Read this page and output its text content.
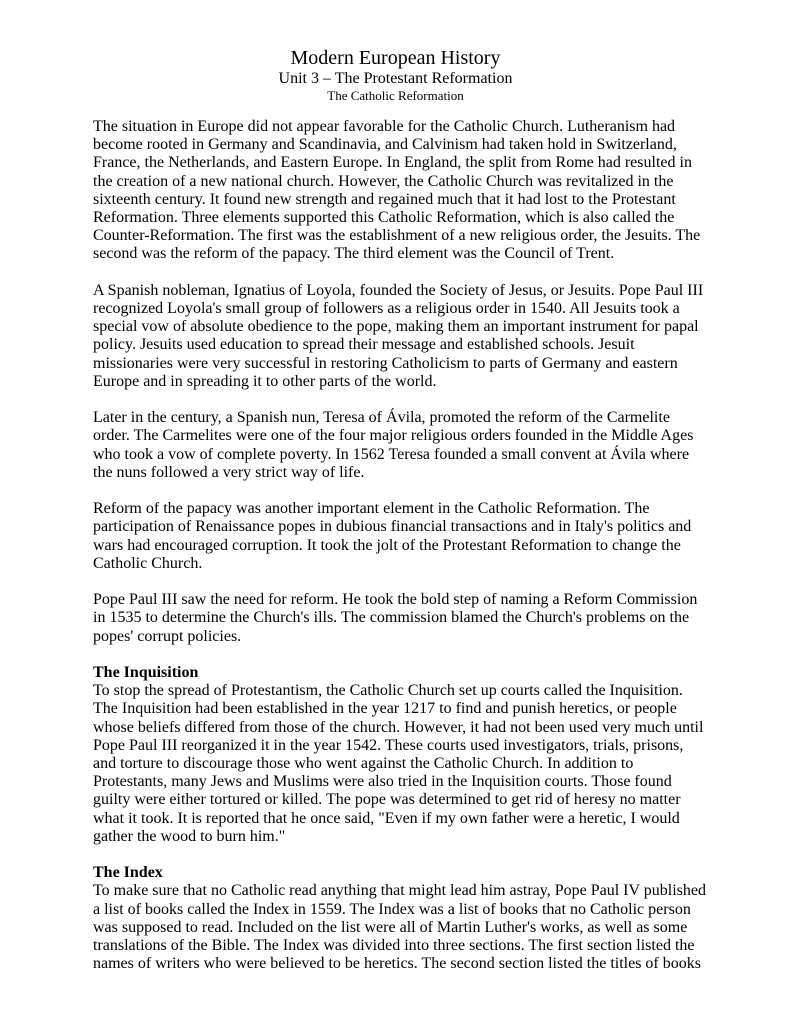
Modern European History
Unit 3 – The Protestant Reformation
The Catholic Reformation

The situation in Europe did not appear favorable for the Catholic Church. Lutheranism had become rooted in Germany and Scandinavia, and Calvinism had taken hold in Switzerland, France, the Netherlands, and Eastern Europe. In England, the split from Rome had resulted in the creation of a new national church. However, the Catholic Church was revitalized in the sixteenth century. It found new strength and regained much that it had lost to the Protestant Reformation. Three elements supported this Catholic Reformation, which is also called the Counter-Reformation. The first was the establishment of a new religious order, the Jesuits. The second was the reform of the papacy. The third element was the Council of Trent.

A Spanish nobleman, Ignatius of Loyola, founded the Society of Jesus, or Jesuits. Pope Paul III recognized Loyola's small group of followers as a religious order in 1540. All Jesuits took a special vow of absolute obedience to the pope, making them an important instrument for papal policy. Jesuits used education to spread their message and established schools. Jesuit missionaries were very successful in restoring Catholicism to parts of Germany and eastern Europe and in spreading it to other parts of the world.

Later in the century, a Spanish nun, Teresa of Ávila, promoted the reform of the Carmelite order. The Carmelites were one of the four major religious orders founded in the Middle Ages who took a vow of complete poverty. In 1562 Teresa founded a small convent at Ávila where the nuns followed a very strict way of life.

Reform of the papacy was another important element in the Catholic Reformation. The participation of Renaissance popes in dubious financial transactions and in Italy's politics and wars had encouraged corruption. It took the jolt of the Protestant Reformation to change the Catholic Church.

Pope Paul III saw the need for reform. He took the bold step of naming a Reform Commission in 1535 to determine the Church's ills. The commission blamed the Church's problems on the popes' corrupt policies.

The Inquisition

To stop the spread of Protestantism, the Catholic Church set up courts called the Inquisition. The Inquisition had been established in the year 1217 to find and punish heretics, or people whose beliefs differed from those of the church. However, it had not been used very much until Pope Paul III reorganized it in the year 1542. These courts used investigators, trials, prisons, and torture to discourage those who went against the Catholic Church. In addition to Protestants, many Jews and Muslims were also tried in the Inquisition courts. Those found guilty were either tortured or killed. The pope was determined to get rid of heresy no matter what it took. It is reported that he once said, "Even if my own father were a heretic, I would gather the wood to burn him."

The Index

To make sure that no Catholic read anything that might lead him astray, Pope Paul IV published a list of books called the Index in 1559. The Index was a list of books that no Catholic person was supposed to read. Included on the list were all of Martin Luther's works, as well as some translations of the Bible. The Index was divided into three sections. The first section listed the names of writers who were believed to be heretics. The second section listed the titles of books
